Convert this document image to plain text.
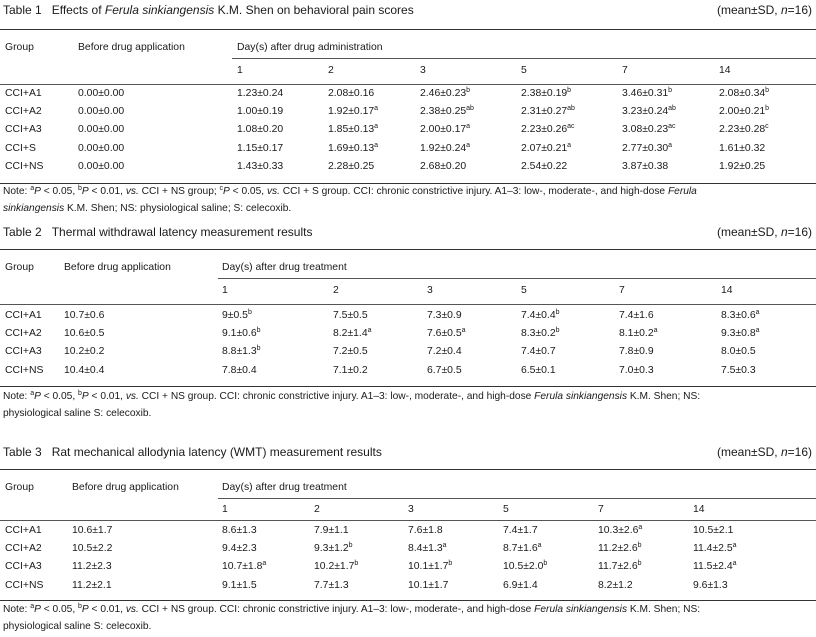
Table 1 Effects of Ferula sinkiangensis K.M. Shen on behavioral pain scores	(mean±SD, n=16)
Group	Before drug application	Day(s) after drug administration
1	2	3	5	7	14
CCI+A1	0.00±0.00	1.23±0.24	2.08±0.16	2.46±0.23$^b$	2.38±0.19$^b$	3.46±0.31$^b$	2.08±0.34$^b$
CCI+A2	0.00±0.00	1.00±0.19	1.92±0.17$^a$	2.38±0.25$^{ab}$	2.31±0.27$^{ab}$	3.23±0.24$^{ab}$	2.00±0.21$^b$
CCI+A3	0.00±0.00	1.08±0.20	1.85±0.13$^a$	2.00±0.17$^a$	2.23±0.26$^{ac}$	3.08±0.23$^{ac}$	2.23±0.28$^c$
CCI+S	0.00±0.00	1.15±0.17	1.69±0.13$^a$	1.92±0.24$^a$	2.07±0.21$^a$	2.77±0.30$^a$	1.61±0.32
CCI+NS	0.00±0.00	1.43±0.33	2.28±0.25	2.68±0.20	2.54±0.22	3.87±0.38	1.92±0.25
Note: $^a$P < 0.05, $^b$P < 0.01, vs. CCI + NS group; $^c$P < 0.05, vs. CCI + S group. CCI: chronic constrictive injury. A1–3: low-, moderate-, and high-dose Ferula
sinkiangensis K.M. Shen; NS: physiological saline; S: celecoxib.
Table 2 Thermal withdrawal latency measurement results	(mean±SD, n=16)
Group	Before drug application	Day(s) after drug treatment
1	2	3	5	7	14
CCI+A1 10.7±0.6	9±0.5$^b$	7.5±0.5	7.3±0.9	7.4±0.4$^b$	7.4±1.6	8.3±0.6$^a$
CCI+A2 10.6±0.5	9.1±0.6$^b$	8.2±1.4$^a$	7.6±0.5$^a$	8.3±0.2$^b$	8.1±0.2$^a$	9.3±0.8$^a$
CCI+A3 10.2±0.2	8.8±1.3$^b$	7.2±0.5	7.2±0.4	7.4±0.7	7.8±0.9	8.0±0.5
CCI+NS 10.4±0.4	7.8±0.4	7.1±0.2	6.7±0.5	6.5±0.1	7.0±0.3	7.5±0.3
Note: $^a$P < 0.05, $^b$P < 0.01, vs. CCI + NS group. CCI: chronic constrictive injury. A1–3: low-, moderate-, and high-dose Ferula sinkiangensis K.M. Shen; NS:
physiological saline S: celecoxib.
Table 3 Rat mechanical allodynia latency (WMT) measurement results	(mean±SD, n=16)
Group	Before drug application	Day(s) after drug treatment
1	2	3	5	7	14
CCI+A1	10.6±1.7	8.6±1.3	7.9±1.1	7.6±1.8	7.4±1.7	10.3±2.6$^a$	10.5±2.1
CCI+A2	10.5±2.2	9.4±2.3	9.3±1.2$^b$	8.4±1.3$^a$	8.7±1.6$^a$	11.2±2.6$^b$	11.4±2.5$^a$
CCI+A3	11.2±2.3	10.7±1.8$^a$	10.2±1.7$^b$	10.1±1.7$^b$	10.5±2.0$^b$	11.7±2.6$^b$	11.5±2.4$^a$
CCI+NS	11.2±2.1	9.1±1.5	7.7±1.3	10.1±1.7	6.9±1.4	8.2±1.2	9.6±1.3
Note: $^a$P < 0.05, $^b$P < 0.01, vs. CCI + NS group. CCI: chronic constrictive injury. A1–3: low-, moderate-, and high-dose Ferula sinkiangensis K.M. Shen; NS:
physiological saline S: celecoxib.
